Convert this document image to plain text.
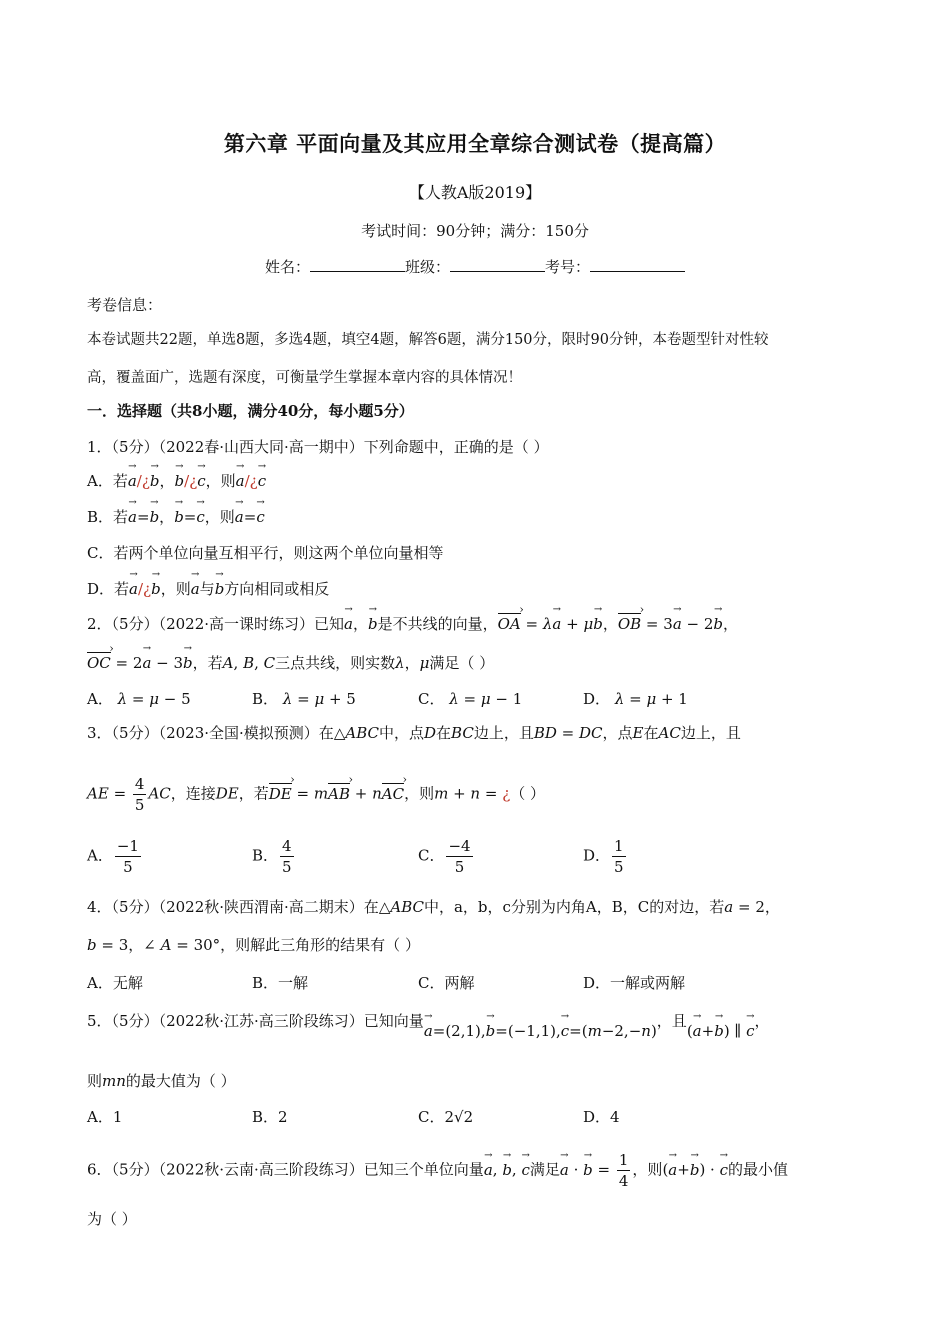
第六章 平面向量及其应用全章综合测试卷（提高篇）
【人教A版2019】
考试时间：90分钟；满分：150分
姓名：	班级：	考号：
考卷信息：
本卷试题共22题，单选8题，多选4题，填空4题，解答6题，满分150分，限时90分钟，本卷题型针对性较
高，覆盖面广，选题有深度，可衡量学生掌握本章内容的具体情况！
一．选择题（共8小题，满分40分，每小题5分）
1．（5分）（2022春·山西大同·高一期中）下列命题中，正确的是（ ）
A．若a →/¿b →，b →/¿c →，则a →/¿c →
B．若a →=b →，b →=c →，则a →=c →
C．若两个单位向量互相平行，则这两个单位向量相等
D．若a →/¿b →，则a →与b →方向相同或相反
2．（5分）（2022·高一课时练习）已知a →，b →是不共线的向量，OA › = λa → + μb →，OB › = 3a → − 2b →，
OC › = 2a → − 3b →，若A, B, C三点共线，则实数λ，μ满足（ ）
A． λ = μ − 5	B． λ = μ + 5	C． λ = μ − 1	D． λ = μ + 1
3．（5分）（2023·全国·模拟预测）在△ABC中，点D在BC边上，且BD = DC，点E在AC边上，且
AE = $\frac{4}{5}$ AC，连接DE，若DE › = mAB › + nAC ›，则m + n = ¿（ ）
A． $\frac{-1}{5}$	B． $\frac{4}{5}$	C． $\frac{-4}{5}$	D． $\frac{1}{5}$
4．（5分）（2022秋·陕西渭南·高二期末）在△ABC中，a，b，c分别为内角A，B，C的对边，若a = 2，
b = 3，∠ A = 30°，则解此三角形的结果有（ ）
A．无解	B．一解	C．两解	D．一解或两解
5．（5分）（2022秋·江苏·高三阶段练习）已知向量a →=(2,1),b →=(−1,1),c →=(m−2,−n)，且(a →+b →) ∥ c →，
则mn的最大值为（ ）
A．1	B．2	C．2√2	D．4
6．（5分）（2022秋·云南·高三阶段练习）已知三个单位向量a →, b →, c →满足a → · b → = $\frac{1}{4}$ ，则(a →+b →) · c →的最小值
为（ ）
